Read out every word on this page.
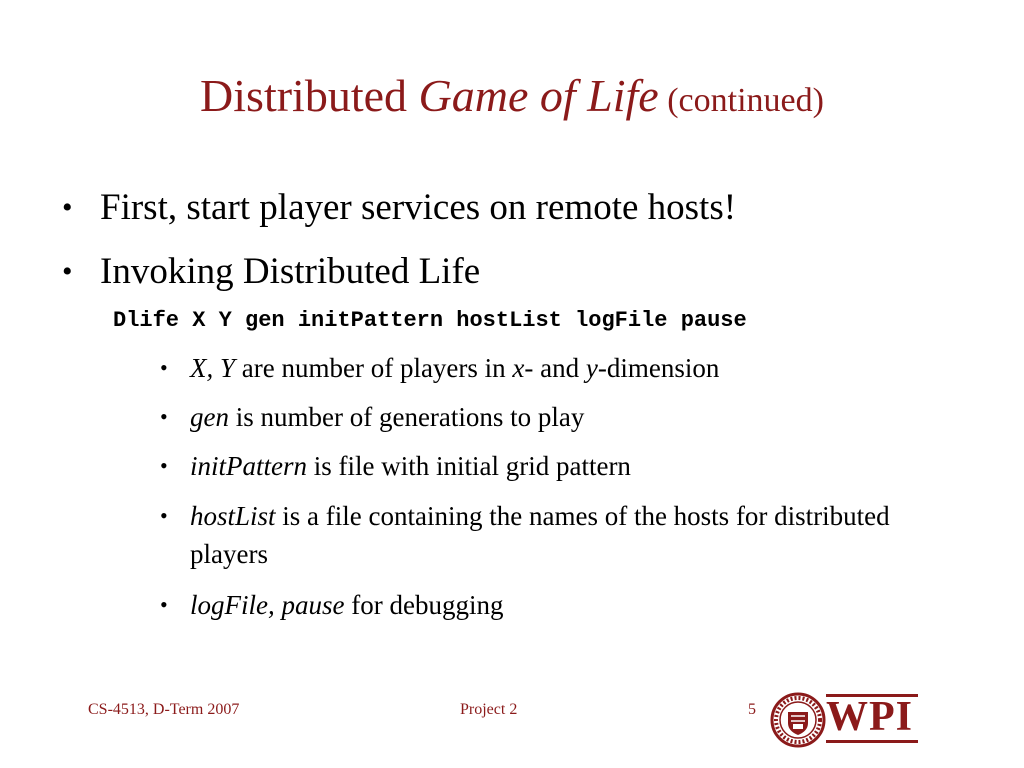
Distributed Game of Life (continued)
• First, start player services on remote hosts!
• Invoking Distributed Life
Dlife X Y gen initPattern hostList logFile pause
• X, Y are number of players in x- and y-dimension
• gen is number of generations to play
• initPattern is file with initial grid pattern
• hostList is a file containing the names of the hosts for distributed players
• logFile, pause for debugging
CS-4513, D-Term 2007	Project 2	5 WPI
